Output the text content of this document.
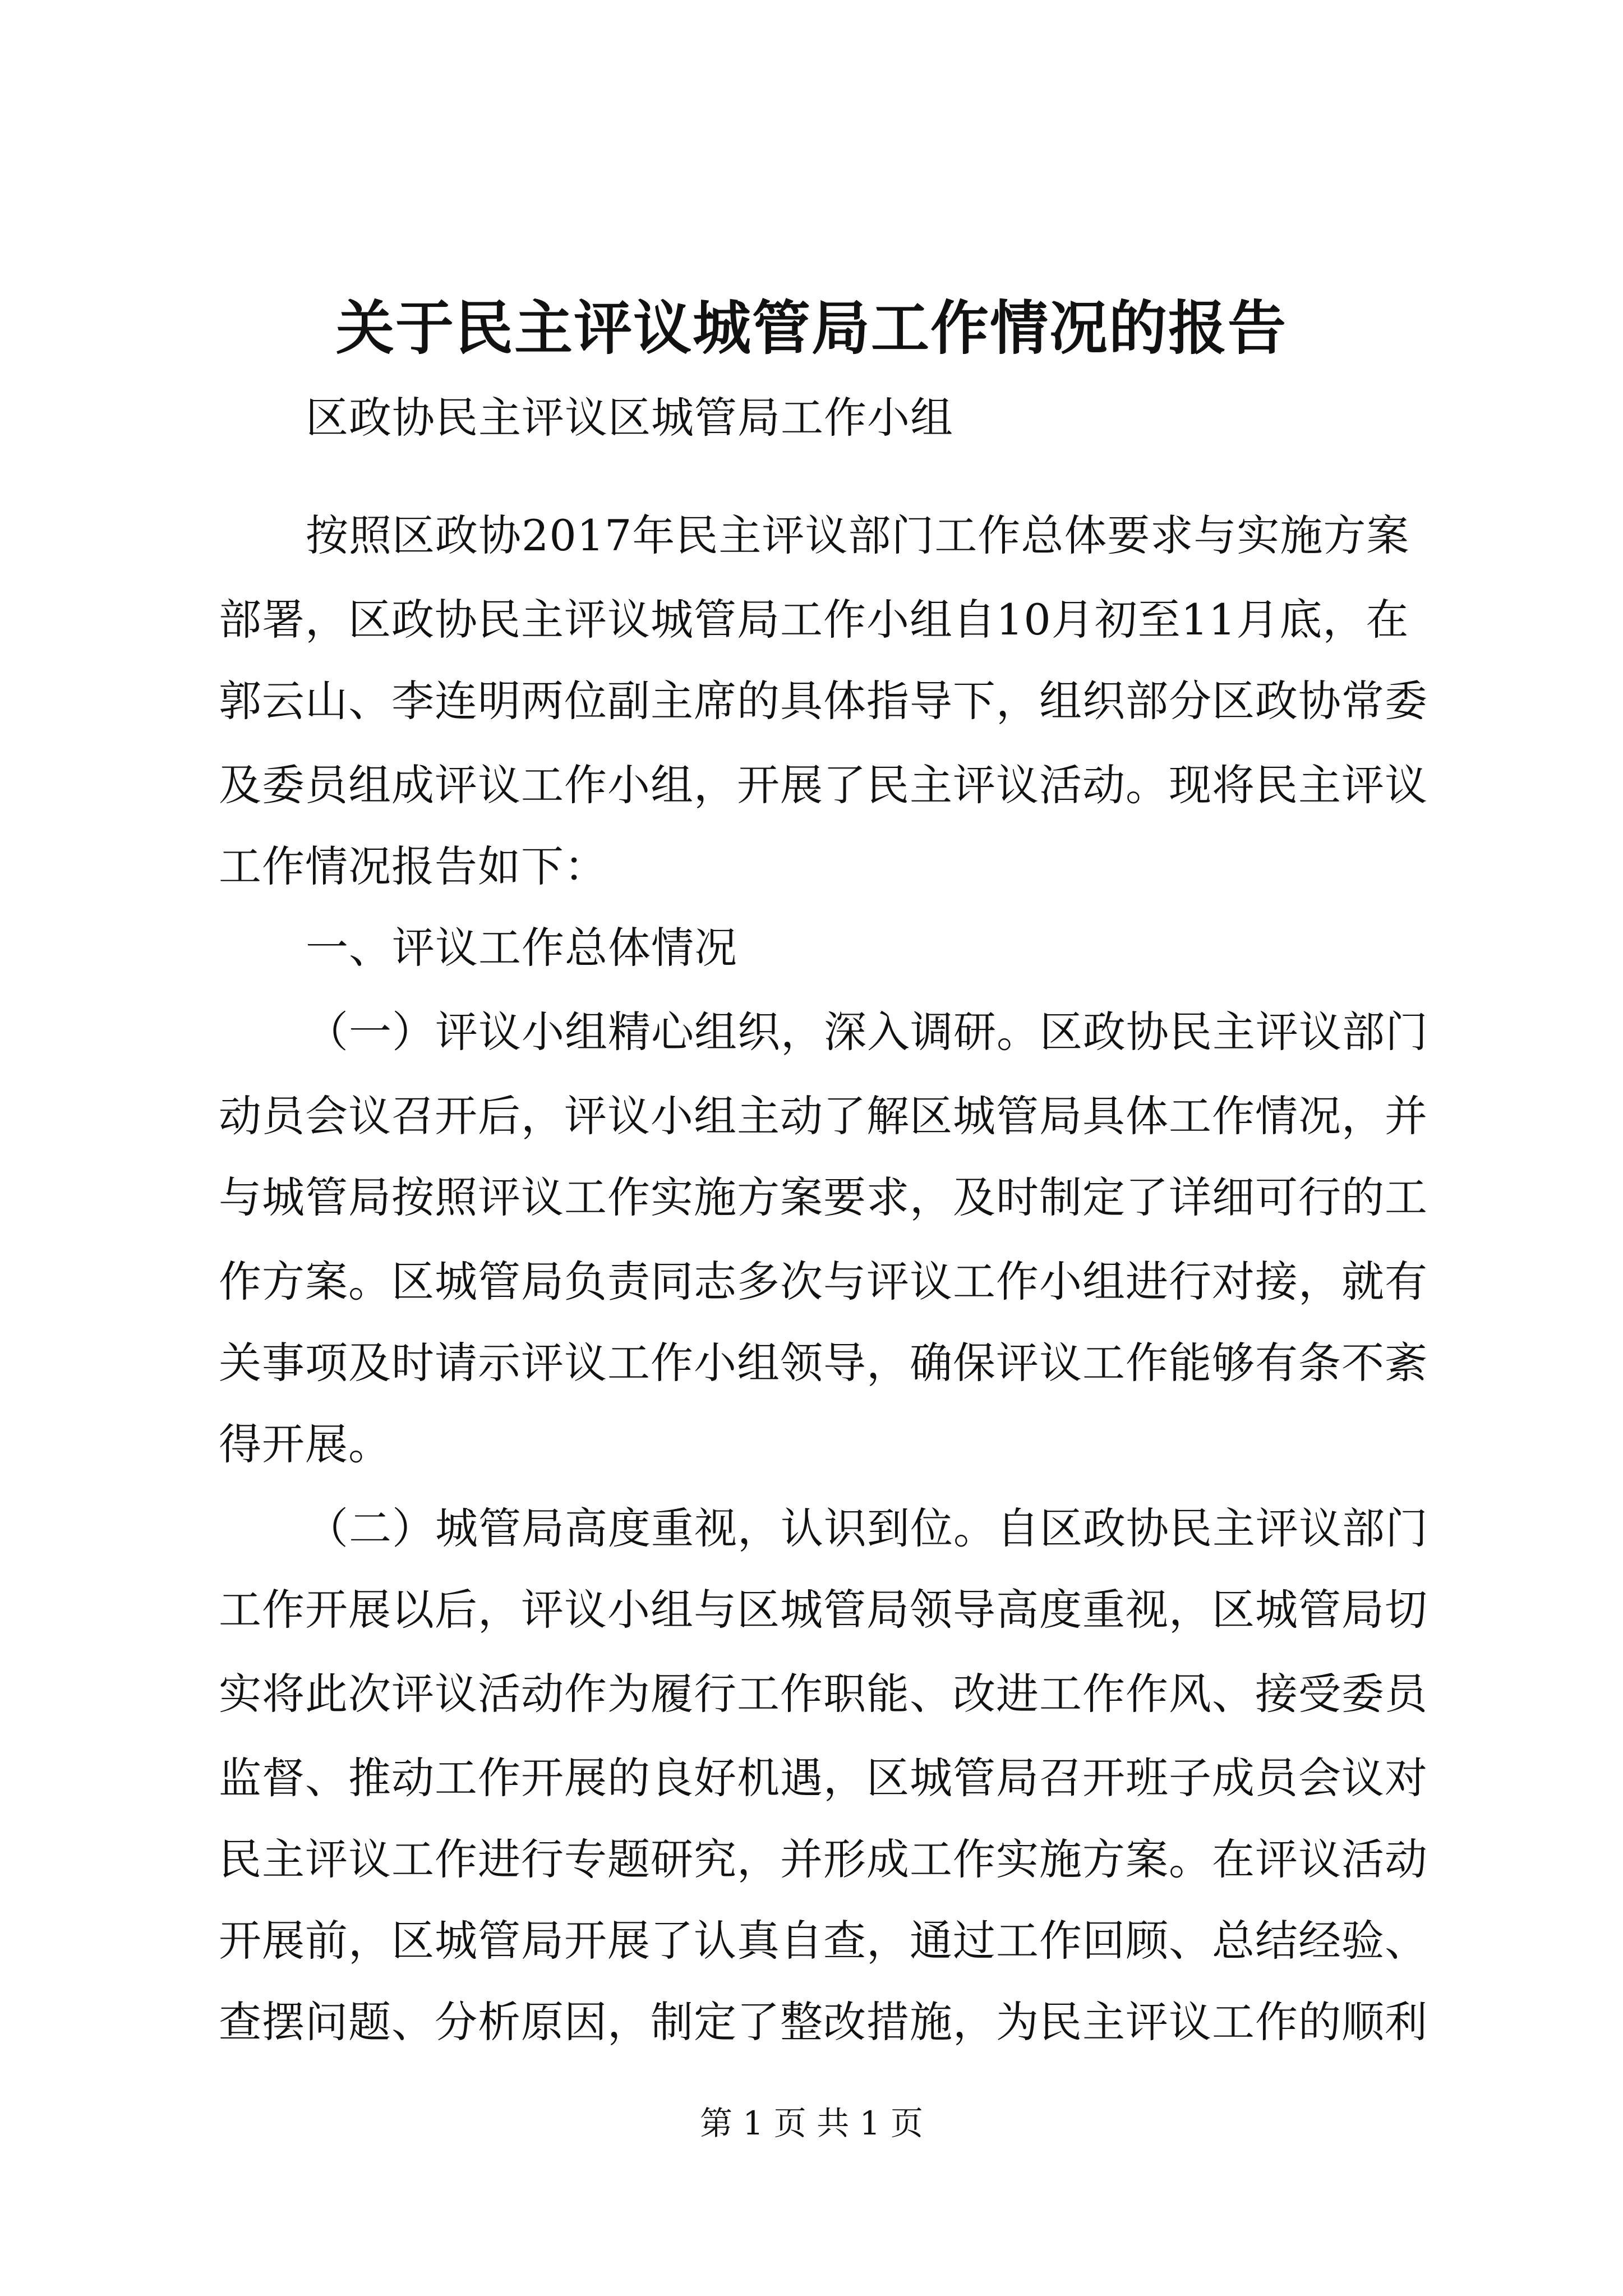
关于民主评议城管局工作情况的报告
区政协民主评议区城管局工作小组
按照区政协2017年民主评议部门工作总体要求与实施方案
部署，区政协民主评议城管局工作小组自10月初至11月底，在
郭云山、李连明两位副主席的具体指导下，组织部分区政协常委
及委员组成评议工作小组，开展了民主评议活动。现将民主评议
工作情况报告如下：
一、评议工作总体情况
（一）评议小组精心组织，深入调研。区政协民主评议部门
动员会议召开后，评议小组主动了解区城管局具体工作情况，并
与城管局按照评议工作实施方案要求，及时制定了详细可行的工
作方案。区城管局负责同志多次与评议工作小组进行对接，就有
关事项及时请示评议工作小组领导，确保评议工作能够有条不紊
得开展。
（二）城管局高度重视，认识到位。自区政协民主评议部门
工作开展以后，评议小组与区城管局领导高度重视，区城管局切
实将此次评议活动作为履行工作职能、改进工作作风、接受委员
监督、推动工作开展的良好机遇，区城管局召开班子成员会议对
民主评议工作进行专题研究，并形成工作实施方案。在评议活动
开展前，区城管局开展了认真自查，通过工作回顾、总结经验、
查摆问题、分析原因，制定了整改措施，为民主评议工作的顺利
第 1 页 共 1 页
